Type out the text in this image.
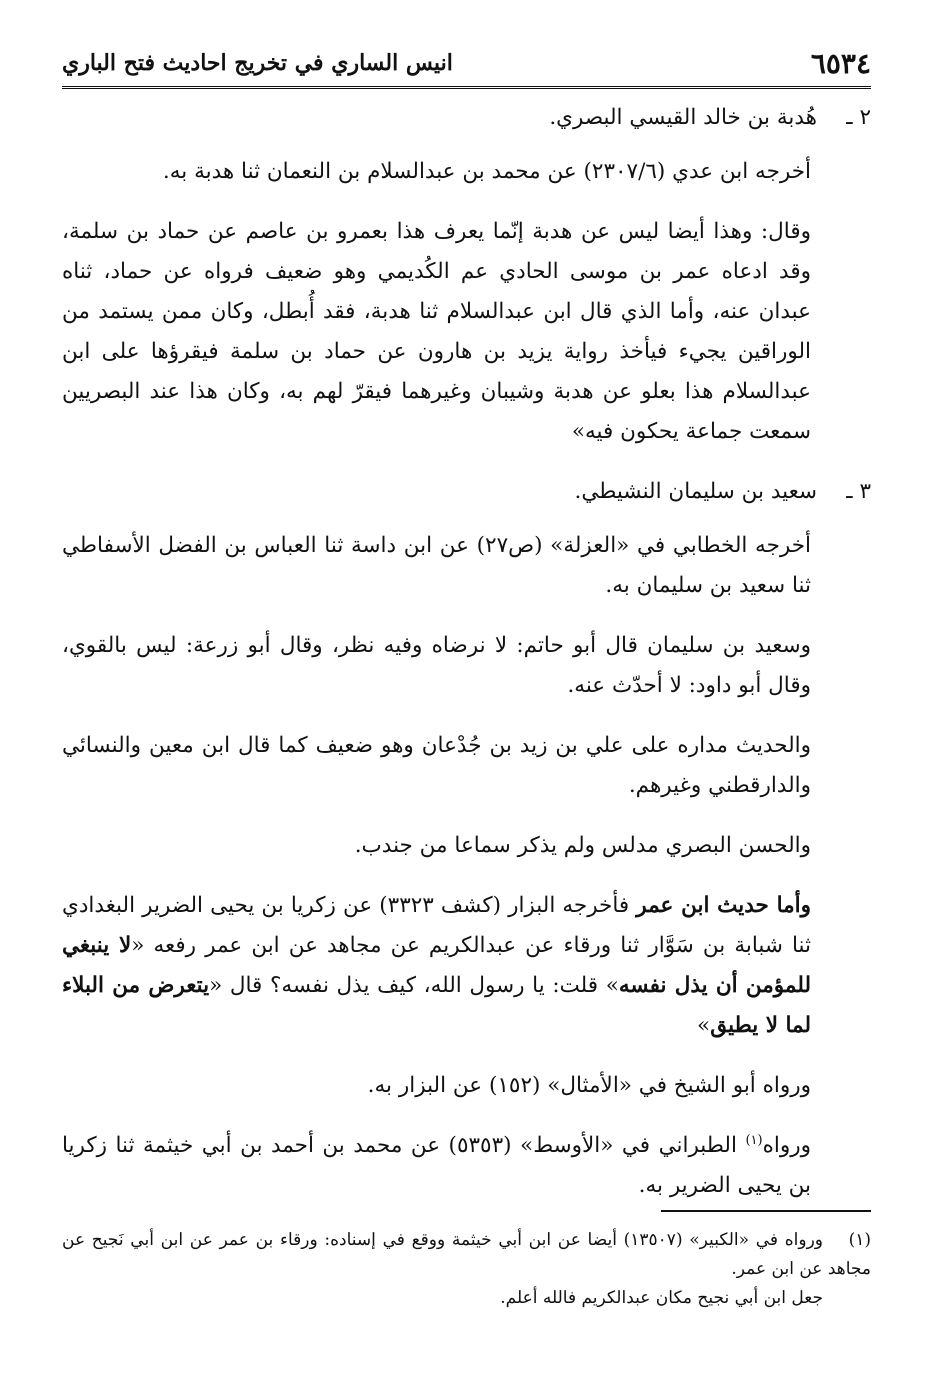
٦٥٣٤
انيس الساري في تخريج احاديث فتح الباري

٢ ـهُدبة بن خالد القيسي البصري.

أخرجه ابن عدي (٢٣٠٧/٦) عن محمد بن عبدالسلام بن النعمان ثنا هدبة به.

وقال: وهذا أيضا ليس عن هدبة إنّما يعرف هذا بعمرو بن عاصم عن حماد بن سلمة، وقد ادعاه عمر بن موسى الحادي عم الكُديمي وهو ضعيف فرواه عن حماد، ثناه عبدان عنه، وأما الذي قال ابن عبدالسلام ثنا هدبة، فقد أُبطل، وكان ممن يستمد من الوراقين يجيء فيأخذ رواية يزيد بن هارون عن حماد بن سلمة فيقرؤها على ابن عبدالسلام هذا بعلو عن هدبة وشيبان وغيرهما فيقرّ لهم به، وكان هذا عند البصريين سمعت جماعة يحكون فيه»

٣ ـسعيد بن سليمان النشيطي.

أخرجه الخطابي في «العزلة» (ص٢٧) عن ابن داسة ثنا العباس بن الفضل الأسفاطي ثنا سعيد بن سليمان به.

وسعيد بن سليمان قال أبو حاتم: لا نرضاه وفيه نظر، وقال أبو زرعة: ليس بالقوي، وقال أبو داود: لا أحدّث عنه.

والحديث مداره على علي بن زيد بن جُدْعان وهو ضعيف كما قال ابن معين والنسائي والدارقطني وغيرهم.

والحسن البصري مدلس ولم يذكر سماعا من جندب.

وأما حديث ابن عمر فأخرجه البزار (كشف ٣٣٢٣) عن زكريا بن يحيى الضرير البغدادي ثنا شبابة بن سَوَّار ثنا ورقاء عن عبدالكريم عن مجاهد عن ابن عمر رفعه «لا ينبغي للمؤمن أن يذل نفسه» قلت: يا رسول الله، كيف يذل نفسه؟ قال «يتعرض من البلاء لما لا يطيق»

ورواه أبو الشيخ في «الأمثال» (١٥٢) عن البزار به.

ورواه$^{(١)}$ الطبراني في «الأوسط» (٥٣٥٣) عن محمد بن أحمد بن أبي خيثمة ثنا زكريا بن يحيى الضرير به.

(١)ورواه في «الكبير» (١٣٥٠٧) أيضا عن ابن أبي خيثمة ووقع في إسناده: ورقاء بن عمر عن ابن أبي نَجيح عن مجاهد عن ابن عمر.

جعل ابن أبي نجيح مكان عبدالكريم فالله أعلم.
